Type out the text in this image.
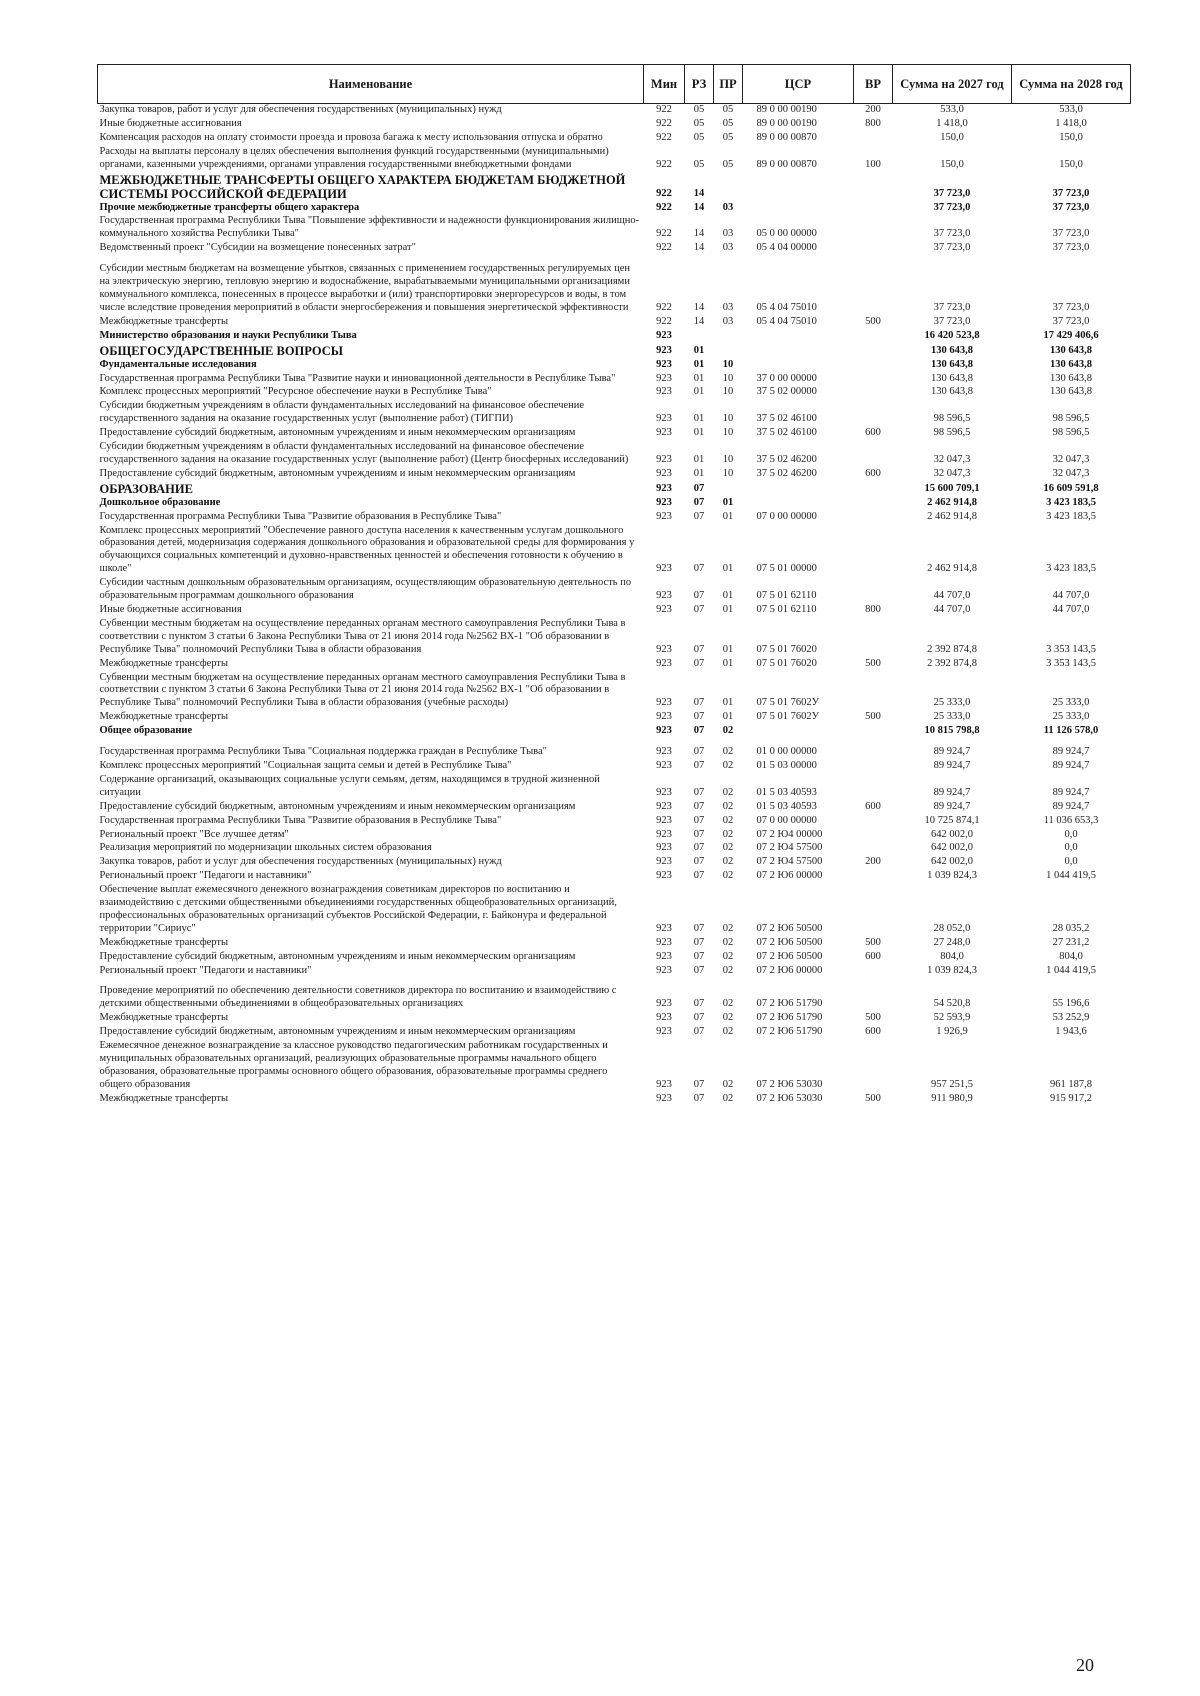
Наименование	Мин	РЗ	ПР	ЦСР	ВР	Сумма на 2027 год	Сумма на 2028 год
Закупка товаров, работ и услуг для обеспечения государственных (муниципальных) нужд	922	05	05	89 0 00 00190	200	533,0	533,0
Иные бюджетные ассигнования	922	05	05	89 0 00 00190	800	1 418,0	1 418,0
Компенсация расходов на оплату стоимости проезда и провоза багажа к месту использования отпуска и обратно	922	05	05	89 0 00 00870		150,0	150,0
Расходы на выплаты персоналу в целях обеспечения выполнения функций государственными (муниципальными) органами, казенными учреждениями, органами управления государственными внебюджетными фондами	922	05	05	89 0 00 00870	100	150,0	150,0
МЕЖБЮДЖЕТНЫЕ ТРАНСФЕРТЫ ОБЩЕГО ХАРАКТЕРА БЮДЖЕТАМ БЮДЖЕТНОЙ СИСТЕМЫ РОССИЙСКОЙ ФЕДЕРАЦИИ	922	14				37 723,0	37 723,0
Прочие межбюджетные трансферты общего характера	922	14	03			37 723,0	37 723,0
Государственная программа Республики Тыва "Повышение эффективности и надежности функционирования жилищно-коммунального хозяйства Республики Тыва"	922	14	03	05 0 00 00000		37 723,0	37 723,0
Ведомственный проект "Субсидии на возмещение понесенных затрат"	922	14	03	05 4 04 00000		37 723,0	37 723,0
Субсидии местным бюджетам на возмещение убытков, связанных с применением государственных регулируемых цен на электрическую энергию, тепловую энергию и водоснабжение, вырабатываемыми муниципальными организациями коммунального комплекса, понесенных в процессе выработки и (или) транспортировки энергоресурсов и воды, в том числе вследствие проведения мероприятий в области энергосбережения и повышения энергетической эффективности	922	14	03	05 4 04 75010		37 723,0	37 723,0
Межбюджетные трансферты	922	14	03	05 4 04 75010	500	37 723,0	37 723,0
Министерство образования и науки Республики Тыва	923					16 420 523,8	17 429 406,6
ОБЩЕГОСУДАРСТВЕННЫЕ ВОПРОСЫ	923	01				130 643,8	130 643,8
Фундаментальные исследования	923	01	10			130 643,8	130 643,8
Государственная программа Республики Тыва "Развитие науки и инновационной деятельности в Республике Тыва"	923	01	10	37 0 00 00000		130 643,8	130 643,8
Комплекс процессных мероприятий "Ресурсное обеспечение науки в Республике Тыва"	923	01	10	37 5 02 00000		130 643,8	130 643,8
Субсидии бюджетным учреждениям в области фундаментальных исследований на финансовое обеспечение государственного задания на оказание государственных услуг (выполнение работ) (ТИГПИ)	923	01	10	37 5 02 46100		98 596,5	98 596,5
Предоставление субсидий бюджетным, автономным учреждениям и иным некоммерческим организациям	923	01	10	37 5 02 46100	600	98 596,5	98 596,5
Субсидии бюджетным учреждениям в области фундаментальных исследований на финансовое обеспечение государственного задания на оказание государственных услуг (выполнение работ) (Центр биосферных исследований)	923	01	10	37 5 02 46200		32 047,3	32 047,3
Предоставление субсидий бюджетным, автономным учреждениям и иным некоммерческим организациям	923	01	10	37 5 02 46200	600	32 047,3	32 047,3
ОБРАЗОВАНИЕ	923	07				15 600 709,1	16 609 591,8
Дошкольное образование	923	07	01			2 462 914,8	3 423 183,5
Государственная программа Республики Тыва "Развитие образования в Республике Тыва"	923	07	01	07 0 00 00000		2 462 914,8	3 423 183,5
Комплекс процессных мероприятий "Обеспечение равного доступа населения к качественным услугам дошкольного образования детей, модернизация содержания дошкольного образования и образовательной среды для формирования у обучающихся социальных компетенций и духовно-нравственных ценностей и обеспечения готовности к обучению в школе"	923	07	01	07 5 01 00000		2 462 914,8	3 423 183,5
Субсидии частным дошкольным образовательным организациям, осуществляющим образовательную деятельность по образовательным программам дошкольного образования	923	07	01	07 5 01 62110		44 707,0	44 707,0
Иные бюджетные ассигнования	923	07	01	07 5 01 62110	800	44 707,0	44 707,0
Субвенции местным бюджетам на осуществление переданных органам местного самоуправления Республики Тыва в соответствии с пунктом 3 статьи 6 Закона Республики Тыва от 21 июня 2014 года №2562 ВХ-1 "Об образовании в Республике Тыва" полномочий Республики Тыва в области образования	923	07	01	07 5 01 76020		2 392 874,8	3 353 143,5
Межбюджетные трансферты	923	07	01	07 5 01 76020	500	2 392 874,8	3 353 143,5
Субвенции местным бюджетам на осуществление переданных органам местного самоуправления Республики Тыва в соответствии с пунктом 3 статьи 6 Закона Республики Тыва от 21 июня 2014 года №2562 ВХ-1 "Об образовании в Республике Тыва" полномочий Республики Тыва в области образования (учебные расходы)	923	07	01	07 5 01 7602У		25 333,0	25 333,0
Межбюджетные трансферты	923	07	01	07 5 01 7602У	500	25 333,0	25 333,0
Общее образование	923	07	02			10 815 798,8	11 126 578,0
Государственная программа Республики Тыва "Социальная поддержка граждан в Республике Тыва"	923	07	02	01 0 00 00000		89 924,7	89 924,7
Комплекс процессных мероприятий "Социальная защита семьи и детей в Республике Тыва"	923	07	02	01 5 03 00000		89 924,7	89 924,7
Содержание организаций, оказывающих социальные услуги семьям, детям, находящимся в трудной жизненной ситуации	923	07	02	01 5 03 40593		89 924,7	89 924,7
Предоставление субсидий бюджетным, автономным учреждениям и иным некоммерческим организациям	923	07	02	01 5 03 40593	600	89 924,7	89 924,7
Государственная программа Республики Тыва "Развитие образования в Республике Тыва"	923	07	02	07 0 00 00000		10 725 874,1	11 036 653,3
Региональный проект "Все лучшее детям"	923	07	02	07 2 Ю4 00000		642 002,0	0,0
Реализация мероприятий по модернизации школьных систем образования	923	07	02	07 2 Ю4 57500		642 002,0	0,0
Закупка товаров, работ и услуг для обеспечения государственных (муниципальных) нужд	923	07	02	07 2 Ю4 57500	200	642 002,0	0,0
Региональный проект "Педагоги и наставники"	923	07	02	07 2 Ю6 00000		1 039 824,3	1 044 419,5
Обеспечение выплат ежемесячного денежного вознаграждения советникам директоров по воспитанию и взаимодействию с детскими общественными объединениями государственных общеобразовательных организаций, профессиональных образовательных организаций субъектов Российской Федерации, г. Байконура и федеральной территории "Сириус"	923	07	02	07 2 Ю6 50500		28 052,0	28 035,2
Межбюджетные трансферты	923	07	02	07 2 Ю6 50500	500	27 248,0	27 231,2
Предоставление субсидий бюджетным, автономным учреждениям и иным некоммерческим организациям	923	07	02	07 2 Ю6 50500	600	804,0	804,0
Региональный проект "Педагоги и наставники"	923	07	02	07 2 Ю6 00000		1 039 824,3	1 044 419,5
Проведение мероприятий по обеспечению деятельности советников директора по воспитанию и взаимодействию с детскими общественными объединениями в общеобразовательных организациях	923	07	02	07 2 Ю6 51790		54 520,8	55 196,6
Межбюджетные трансферты	923	07	02	07 2 Ю6 51790	500	52 593,9	53 252,9
Предоставление субсидий бюджетным, автономным учреждениям и иным некоммерческим организациям	923	07	02	07 2 Ю6 51790	600	1 926,9	1 943,6
Ежемесячное денежное вознаграждение за классное руководство педагогическим работникам государственных и муниципальных образовательных организаций, реализующих образовательные программы начального общего образования, образовательные программы основного общего образования, образовательные программы среднего общего образования	923	07	02	07 2 Ю6 53030		957 251,5	961 187,8
Межбюджетные трансферты	923	07	02	07 2 Ю6 53030	500	911 980,9	915 917,2
20
